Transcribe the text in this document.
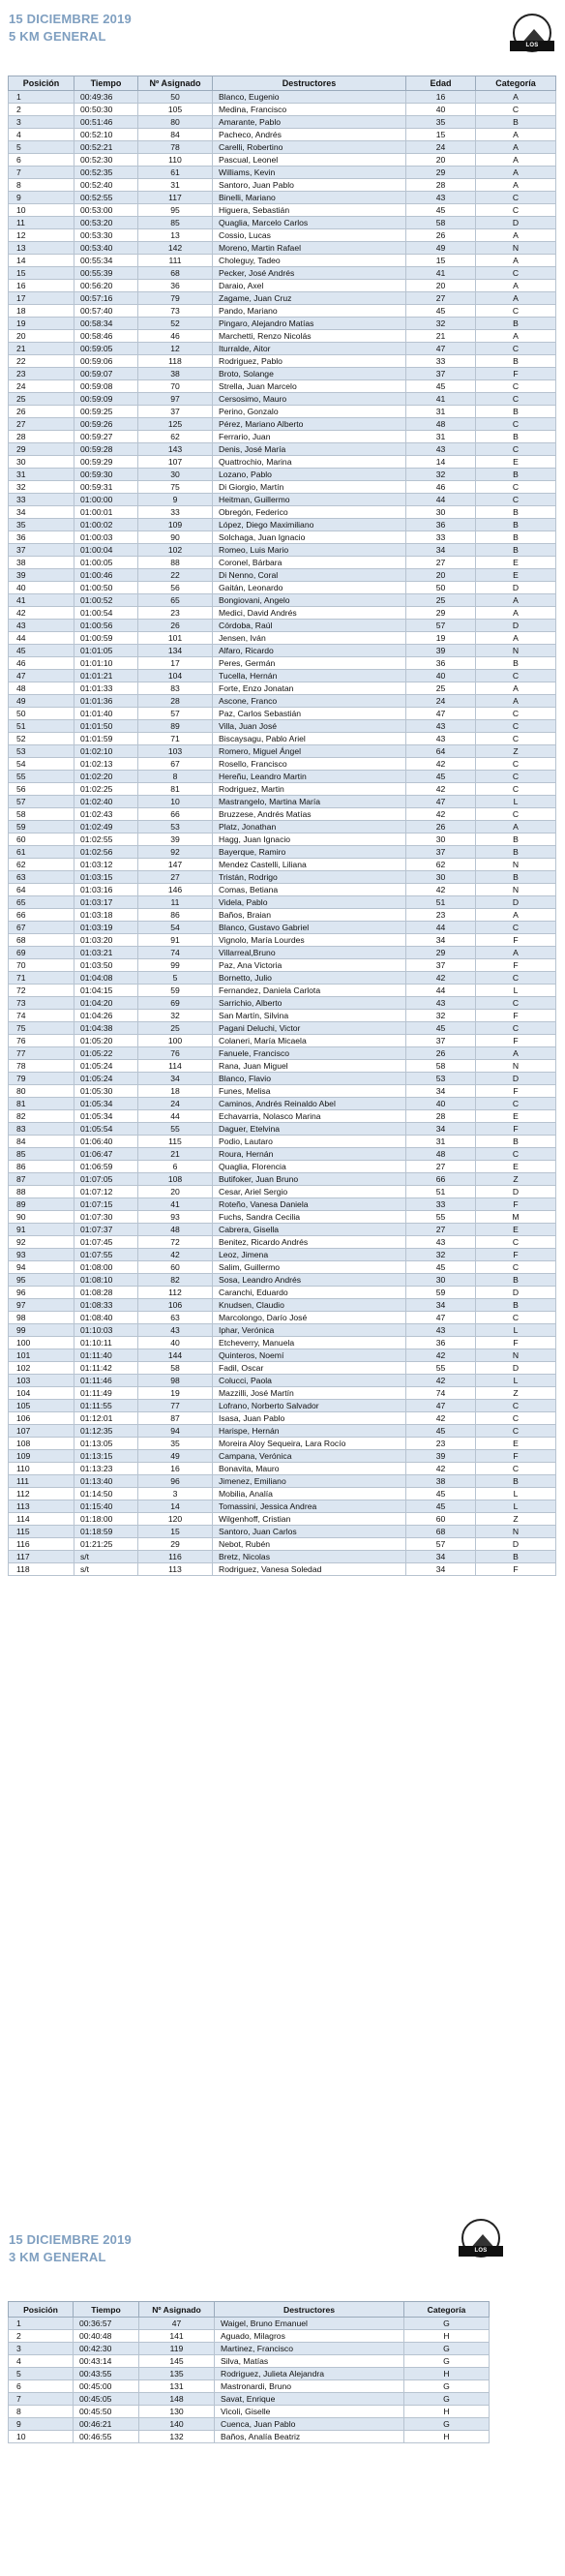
15 DICIEMBRE 2019
5 KM GENERAL
LOS DESTRUCTORES
Posición	Tiempo	Nº Asignado	Destructores	Edad	Categoría
1	00:49:36	50	Blanco, Eugenio	16	A
2	00:50:30	105	Medina, Francisco	40	C
3	00:51:46	80	Amarante, Pablo	35	B
4	00:52:10	84	Pacheco, Andrés	15	A
5	00:52:21	78	Carelli, Robertino	24	A
6	00:52:30	110	Pascual, Leonel	20	A
7	00:52:35	61	Williams, Kevin	29	A
8	00:52:40	31	Santoro, Juan Pablo	28	A
9	00:52:55	117	Binelli, Mariano	43	C
10	00:53:00	95	Higuera, Sebastián	45	C
11	00:53:20	85	Quaglia, Marcelo Carlos	58	D
12	00:53:30	13	Cossio, Lucas	26	A
13	00:53:40	142	Moreno, Martin Rafael	49	N
14	00:55:34	111	Choleguy, Tadeo	15	A
15	00:55:39	68	Pecker, José Andrés	41	C
16	00:56:20	36	Daraio, Axel	20	A
17	00:57:16	79	Zagame, Juan Cruz	27	A
18	00:57:40	73	Pando, Mariano	45	C
19	00:58:34	52	Pingaro, Alejandro Matías	32	B
20	00:58:46	46	Marchetti, Renzo Nicolás	21	A
21	00:59:05	12	Iturralde, Aitor	47	C
22	00:59:06	118	Rodriguez, Pablo	33	B
23	00:59:07	38	Broto, Solange	37	F
24	00:59:08	70	Strella, Juan Marcelo	45	C
25	00:59:09	97	Cersosimo, Mauro	41	C
26	00:59:25	37	Perino, Gonzalo	31	B
27	00:59:26	125	Pérez, Mariano Alberto	48	C
28	00:59:27	62	Ferrario, Juan	31	B
29	00:59:28	143	Denis, José María	43	C
30	00:59:29	107	Quattrochio, Marina	14	E
31	00:59:30	30	Lozano, Pablo	32	B
32	00:59:31	75	Di Giorgio, Martín	46	C
33	01:00:00	9	Heitman, Guillermo	44	C
34	01:00:01	33	Obregón, Federico	30	B
35	01:00:02	109	López, Diego Maximiliano	36	B
36	01:00:03	90	Solchaga, Juan Ignacio	33	B
37	01:00:04	102	Romeo, Luis Mario	34	B
38	01:00:05	88	Coronel, Bárbara	27	E
39	01:00:46	22	Di Nenno, Coral	20	E
40	01:00:50	56	Gaitán, Leonardo	50	D
41	01:00:52	65	Bongiovani, Angelo	25	A
42	01:00:54	23	Medici, David Andrés	29	A
43	01:00:56	26	Córdoba, Raúl	57	D
44	01:00:59	101	Jensen, Iván	19	A
45	01:01:05	134	Alfaro, Ricardo	39	N
46	01:01:10	17	Peres, Germán	36	B
47	01:01:21	104	Tucella, Hernán	40	C
48	01:01:33	83	Forte, Enzo Jonatan	25	A
49	01:01:36	28	Ascone, Franco	24	A
50	01:01:40	57	Paz, Carlos Sebastián	47	C
51	01:01:50	89	Villa, Juan José	43	C
52	01:01:59	71	Biscaysagu, Pablo Ariel	43	C
53	01:02:10	103	Romero, Miguel Ángel	64	Z
54	01:02:13	67	Rosello, Francisco	42	C
55	01:02:20	8	Hereñu, Leandro Martin	45	C
56	01:02:25	81	Rodriguez, Martin	42	C
57	01:02:40	10	Mastrangelo, Martina María	47	L
58	01:02:43	66	Bruzzese, Andrés Matías	42	C
59	01:02:49	53	Platz, Jonathan	26	A
60	01:02:55	39	Hagg, Juan Ignacio	30	B
61	01:02:56	92	Bayerque, Ramiro	37	B
62	01:03:12	147	Mendez Castelli, Liliana	62	N
63	01:03:15	27	Tristán, Rodrigo	30	B
64	01:03:16	146	Comas, Betiana	42	N
65	01:03:17	11	Videla, Pablo	51	D
66	01:03:18	86	Baños, Braian	23	A
67	01:03:19	54	Blanco, Gustavo Gabriel	44	C
68	01:03:20	91	Vignolo, María Lourdes	34	F
69	01:03:21	74	Villarreal,Bruno	29	A
70	01:03:50	99	Paz, Ana Victoria	37	F
71	01:04:08	5	Bornetto, Julio	42	C
72	01:04:15	59	Fernandez, Daniela Carlota	44	L
73	01:04:20	69	Sarrichio, Alberto	43	C
74	01:04:26	32	San Martín, Silvina	32	F
75	01:04:38	25	Pagani Deluchi, Victor	45	C
76	01:05:20	100	Colaneri, María Micaela	37	F
77	01:05:22	76	Fanuele, Francisco	26	A
78	01:05:24	114	Rana, Juan Miguel	58	N
79	01:05:24	34	Blanco, Flavio	53	D
80	01:05:30	18	Funes, Melisa	34	F
81	01:05:34	24	Caminos, Andrés Reinaldo Abel	40	C
82	01:05:34	44	Echavarria, Nolasco Marina	28	E
83	01:05:54	55	Daguer, Etelvina	34	F
84	01:06:40	115	Podio, Lautaro	31	B
85	01:06:47	21	Roura, Hernán	48	C
86	01:06:59	6	Quaglia, Florencia	27	E
87	01:07:05	108	Butifoker, Juan Bruno	66	Z
88	01:07:12	20	Cesar, Ariel Sergio	51	D
89	01:07:15	41	Roteño, Vanesa Daniela	33	F
90	01:07:30	93	Fuchs, Sandra Cecilia	55	M
91	01:07:37	48	Cabrera, Gisella	27	E
92	01:07:45	72	Benitez, Ricardo Andrés	43	C
93	01:07:55	42	Leoz, Jimena	32	F
94	01:08:00	60	Salim, Guillermo	45	C
95	01:08:10	82	Sosa, Leandro Andrés	30	B
96	01:08:28	112	Caranchi, Eduardo	59	D
97	01:08:33	106	Knudsen, Claudio	34	B
98	01:08:40	63	Marcolongo, Darío José	47	C
99	01:10:03	43	Iphar, Verónica	43	L
100	01:10:11	40	Etcheverry, Manuela	36	F
101	01:11:40	144	Quinteros, Noemí	42	N
102	01:11:42	58	Fadil, Oscar	55	D
103	01:11:46	98	Colucci, Paola	42	L
104	01:11:49	19	Mazzilli, José Martín	74	Z
105	01:11:55	77	Lofrano, Norberto Salvador	47	C
106	01:12:01	87	Isasa, Juan Pablo	42	C
107	01:12:35	94	Harispe, Hernán	45	C
108	01:13:05	35	Moreira Aloy Sequeira, Lara Rocío	23	E
109	01:13:15	49	Campana, Verónica	39	F
110	01:13:23	16	Bonavita, Mauro	42	C
111	01:13:40	96	Jimenez, Emiliano	38	B
112	01:14:50	3	Mobilia, Analía	45	L
113	01:15:40	14	Tomassini, Jessica Andrea	45	L
114	01:18:00	120	Wilgenhoff, Cristian	60	Z
115	01:18:59	15	Santoro, Juan Carlos	68	N
116	01:21:25	29	Nebot, Rubén	57	D
117	s/t	116	Bretz, Nicolas	34	B
118	s/t	113	Rodriguez, Vanesa Soledad	34	F
15 DICIEMBRE 2019
3 KM GENERAL	LOS DESTRUCTORES
Posición	Tiempo	Nº Asignado	Destructores	Categoría
1	00:36:57	47	Waigel, Bruno Emanuel	G
2	00:40:48	141	Aguado, Milagros	H
3	00:42:30	119	Martinez, Francisco	G
4	00:43:14	145	Silva, Matías	G
5	00:43:55	135	Rodriguez, Julieta Alejandra	H
6	00:45:00	131	Mastronardi, Bruno	G
7	00:45:05	148	Savat, Enrique	G
8	00:45:50	130	Vicoli, Giselle	H
9	00:46:21	140	Cuenca, Juan Pablo	G
10	00:46:55	132	Baños, Analía Beatriz	H
